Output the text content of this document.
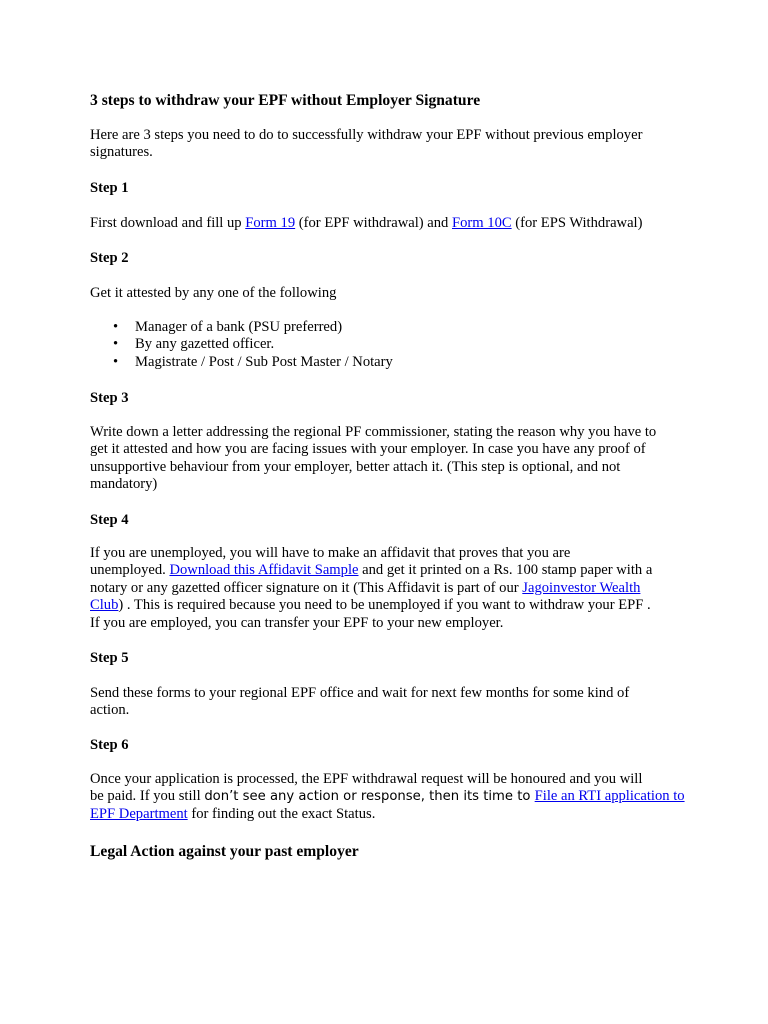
3 steps to withdraw your EPF without Employer Signature
Here are 3 steps you need to do to successfully withdraw your EPF without previous employer signatures.
Step 1
First download and fill up Form 19 (for EPF withdrawal) and Form 10C (for EPS Withdrawal)
Step 2
Get it attested by any one of the following
• Manager of a bank (PSU preferred)
• By any gazetted officer.
• Magistrate / Post / Sub Post Master / Notary
Step 3
Write down a letter addressing the regional PF commissioner, stating the reason why you have to
get it attested and how you are facing issues with your employer. In case you have any proof of
unsupportive behaviour from your employer, better attach it. (This step is optional, and not
mandatory)
Step 4
If you are unemployed, you will have to make an affidavit that proves that you are
unemployed. Download this Affidavit Sample and get it printed on a Rs. 100 stamp paper with a
notary or any gazetted officer signature on it (This Affidavit is part of our Jagoinvestor Wealth
Club) . This is required because you need to be unemployed if you want to withdraw your EPF .
If you are employed, you can transfer your EPF to your new employer.
Step 5
Send these forms to your regional EPF office and wait for next few months for some kind of
action.
Step 6
Once your application is processed, the EPF withdrawal request will be honoured and you will
be paid. If you still don’t see any action or response, then its time to File an RTI application to
EPF Department for finding out the exact Status.
Legal Action against your past employer
